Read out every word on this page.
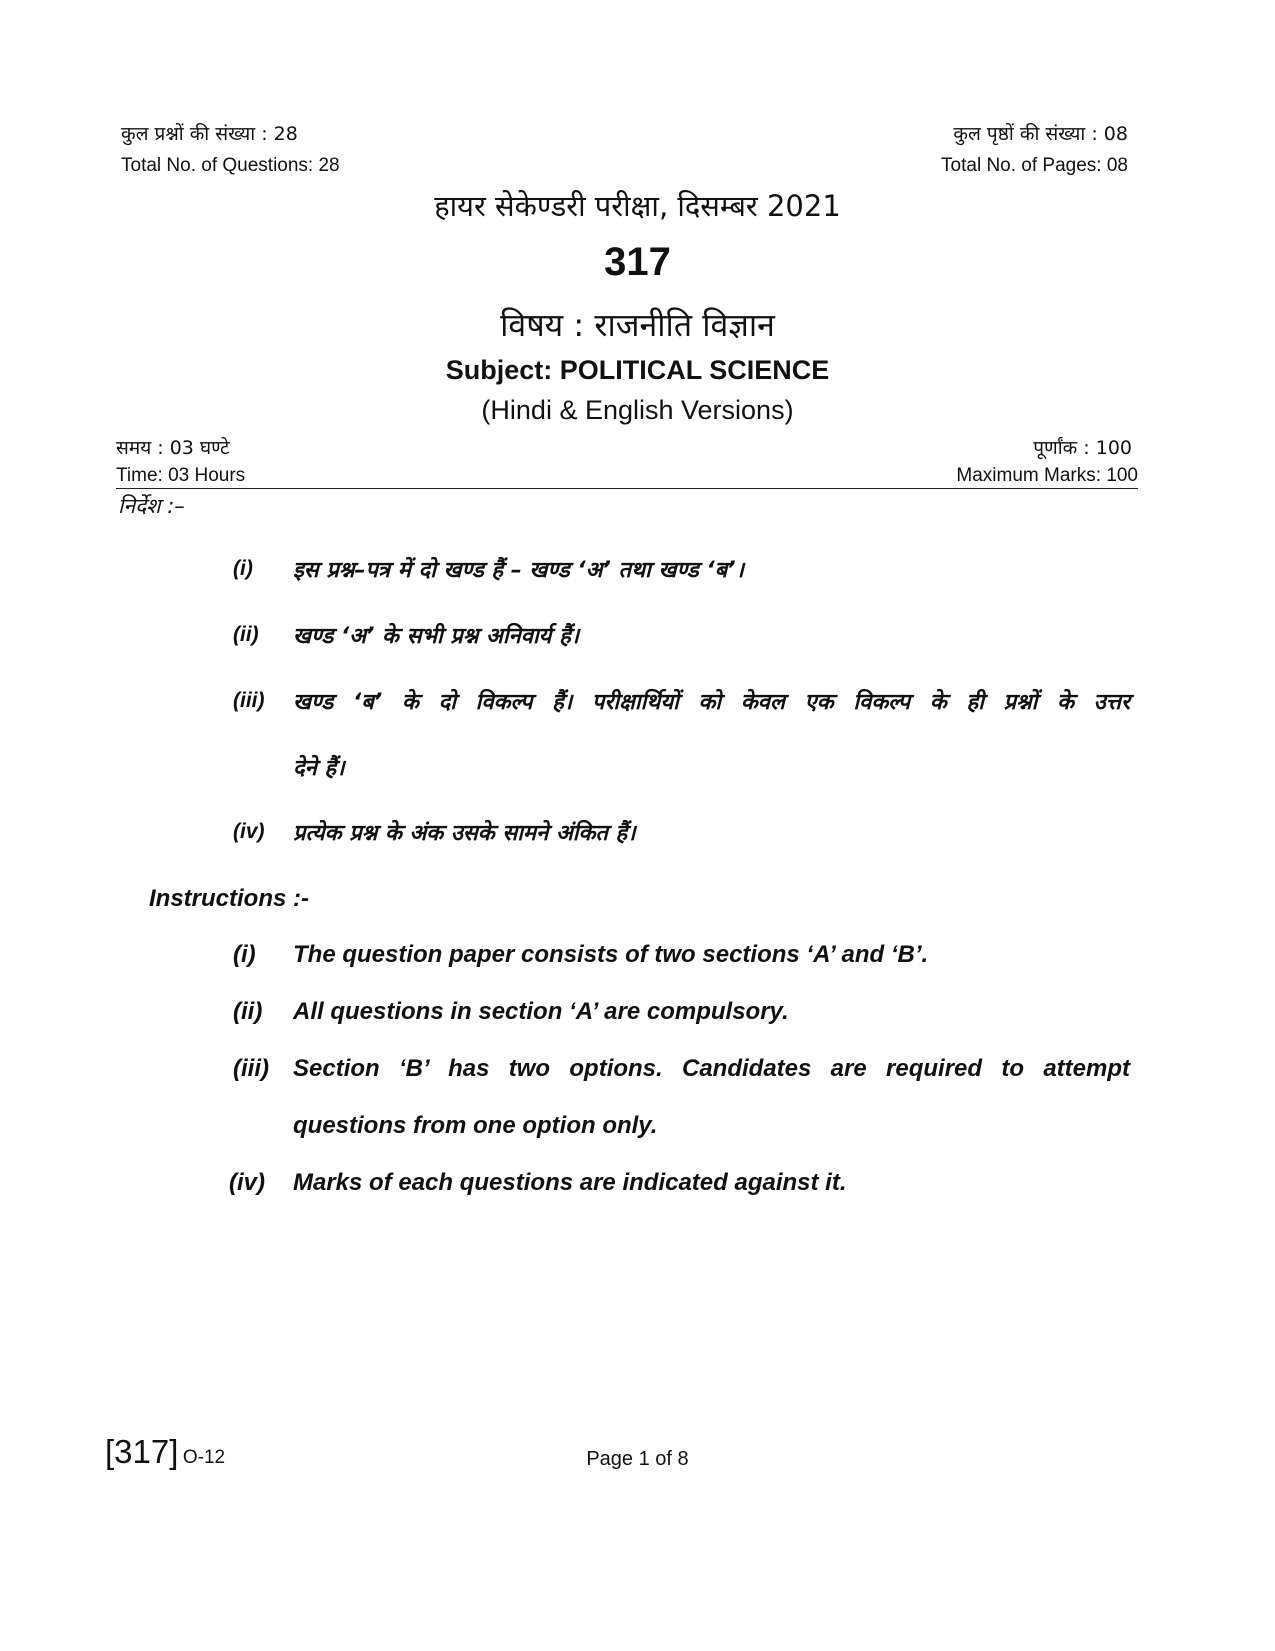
कुल प्रश्नों की संख्या : 28
Total No. of Questions: 28
कुल पृष्ठों की संख्या : 08
Total No. of Pages: 08
हायर सेकेण्डरी परीक्षा, दिसम्बर 2021
317
विषय : राजनीति विज्ञान
Subject: POLITICAL SCIENCE
(Hindi & English Versions)
समय : 03 घण्टे
Time: 03 Hours
पूर्णांक : 100
Maximum Marks: 100
निर्देश :–
(i) इस प्रश्न–पत्र में दो खण्ड हैं – खण्ड ‘अ’ तथा खण्ड ‘ब’।
(ii) खण्ड ‘अ’ के सभी प्रश्न अनिवार्य हैं।
(iii) खण्ड ‘ब’ के दो विकल्प हैं। परीक्षार्थियों को केवल एक विकल्प के ही प्रश्नों के उत्तर
देने हैं।
(iv) प्रत्येक प्रश्न के अंक उसके सामने अंकित हैं।
Instructions :-
(i) The question paper consists of two sections ‘A’ and ‘B’.
(ii) All questions in section ‘A’ are compulsory.
(iii) Section ‘B’ has two options. Candidates are required to attempt
questions from one option only.
(iv) Marks of each questions are indicated against it.
[317] O-12	Page 1 of 8
